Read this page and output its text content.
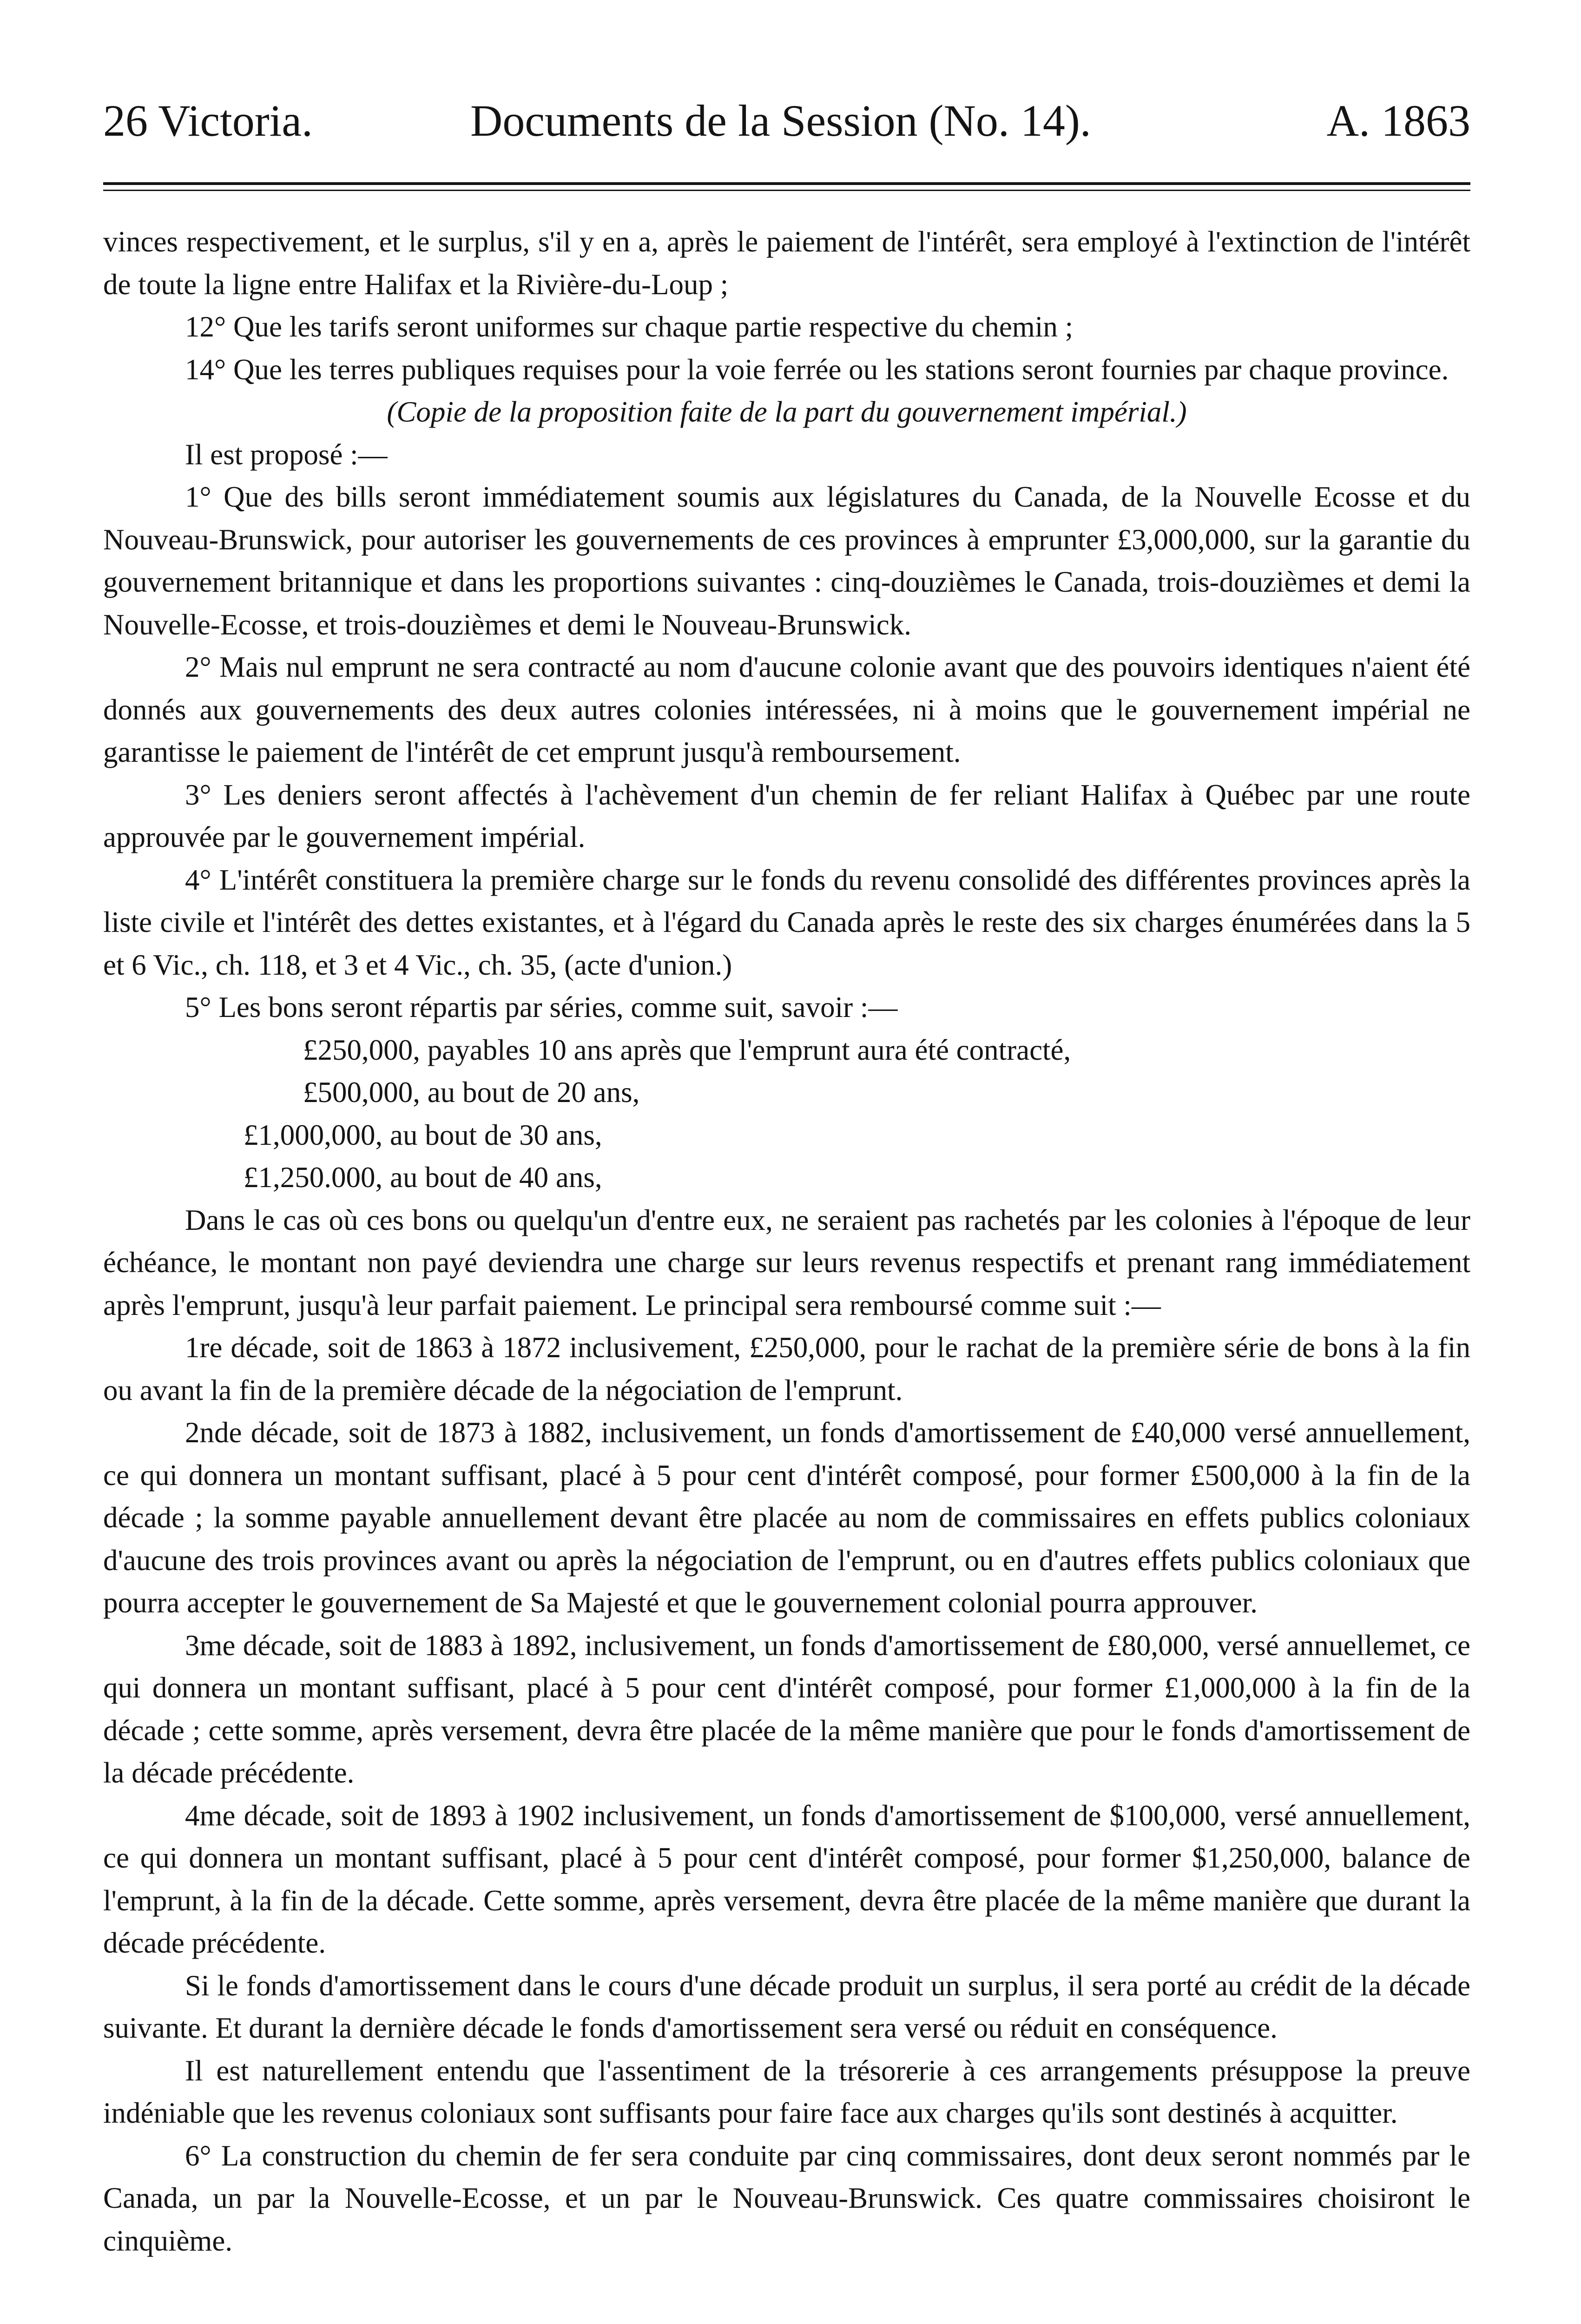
26 Victoria.	Documents de la Session (No. 14).	A. 1863

vinces respectivement, et le surplus, s'il y en a, après le paiement de l'intérêt, sera employé à l'extinction de l'intérêt de toute la ligne entre Halifax et la Rivière-du-Loup ;

12° Que les tarifs seront uniformes sur chaque partie respective du chemin ;

14° Que les terres publiques requises pour la voie ferrée ou les stations seront fournies par chaque province.

(Copie de la proposition faite de la part du gouvernement impérial.)

Il est proposé :—

1° Que des bills seront immédiatement soumis aux législatures du Canada, de la Nouvelle Ecosse et du Nouveau-Brunswick, pour autoriser les gouvernements de ces provinces à emprunter £3,000,000, sur la garantie du gouvernement britannique et dans les proportions suivantes : cinq-douzièmes le Canada, trois-douzièmes et demi la Nouvelle-Ecosse, et trois-douzièmes et demi le Nouveau-Brunswick.

2° Mais nul emprunt ne sera contracté au nom d'aucune colonie avant que des pouvoirs identiques n'aient été donnés aux gouvernements des deux autres colonies intéressées, ni à moins que le gouvernement impérial ne garantisse le paiement de l'intérêt de cet emprunt jusqu'à remboursement.

3° Les deniers seront affectés à l'achèvement d'un chemin de fer reliant Halifax à Québec par une route approuvée par le gouvernement impérial.

4° L'intérêt constituera la première charge sur le fonds du revenu consolidé des différentes provinces après la liste civile et l'intérêt des dettes existantes, et à l'égard du Canada après le reste des six charges énumérées dans la 5 et 6 Vic., ch. 118, et 3 et 4 Vic., ch. 35, (acte d'union.)

5° Les bons seront répartis par séries, comme suit, savoir :—

£250,000, payables 10 ans après que l'emprunt aura été contracté,
£500,000, au bout de 20 ans,
£1,000,000, au bout de 30 ans,
£1,250.000, au bout de 40 ans,

Dans le cas où ces bons ou quelqu'un d'entre eux, ne seraient pas rachetés par les colonies à l'époque de leur échéance, le montant non payé deviendra une charge sur leurs revenus respectifs et prenant rang immédiatement après l'emprunt, jusqu'à leur parfait paiement. Le principal sera remboursé comme suit :—

1re décade, soit de 1863 à 1872 inclusivement, £250,000, pour le rachat de la première série de bons à la fin ou avant la fin de la première décade de la négociation de l'emprunt.

2nde décade, soit de 1873 à 1882, inclusivement, un fonds d'amortissement de £40,000 versé annuellement, ce qui donnera un montant suffisant, placé à 5 pour cent d'intérêt composé, pour former £500,000 à la fin de la décade ; la somme payable annuellement devant être placée au nom de commissaires en effets publics coloniaux d'aucune des trois provinces avant ou après la négociation de l'emprunt, ou en d'autres effets publics coloniaux que pourra accepter le gouvernement de Sa Majesté et que le gouvernement colonial pourra approuver.

3me décade, soit de 1883 à 1892, inclusivement, un fonds d'amortissement de £80,000, versé annuellemet, ce qui donnera un montant suffisant, placé à 5 pour cent d'intérêt composé, pour former £1,000,000 à la fin de la décade ; cette somme, après versement, devra être placée de la même manière que pour le fonds d'amortissement de la décade précédente.

4me décade, soit de 1893 à 1902 inclusivement, un fonds d'amortissement de $100,000, versé annuellement, ce qui donnera un montant suffisant, placé à 5 pour cent d'intérêt composé, pour former $1,250,000, balance de l'emprunt, à la fin de la décade. Cette somme, après versement, devra être placée de la même manière que durant la décade précédente.

Si le fonds d'amortissement dans le cours d'une décade produit un surplus, il sera porté au crédit de la décade suivante. Et durant la dernière décade le fonds d'amortissement sera versé ou réduit en conséquence.

Il est naturellement entendu que l'assentiment de la trésorerie à ces arrangements présuppose la preuve indéniable que les revenus coloniaux sont suffisants pour faire face aux charges qu'ils sont destinés à acquitter.

6° La construction du chemin de fer sera conduite par cinq commissaires, dont deux seront nommés par le Canada, un par la Nouvelle-Ecosse, et un par le Nouveau-Brunswick. Ces quatre commissaires choisiront le cinquième.
